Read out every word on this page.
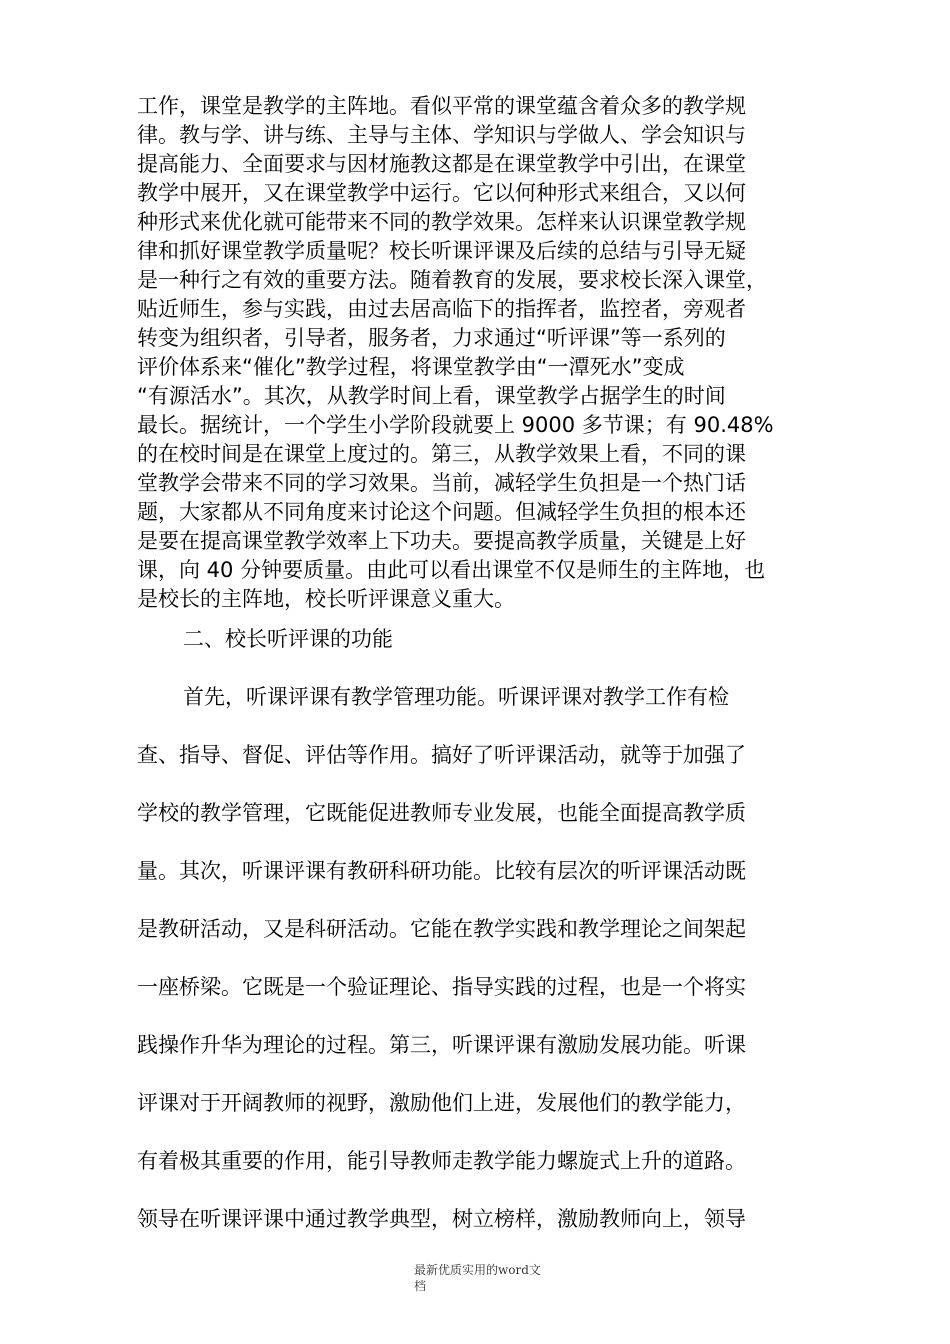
工作，课堂是教学的主阵地。看似平常的课堂蕴含着众多的教学规
律。教与学、讲与练、主导与主体、学知识与学做人、学会知识与
提高能力、全面要求与因材施教这都是在课堂教学中引出，在课堂
教学中展开，又在课堂教学中运行。它以何种形式来组合，又以何
种形式来优化就可能带来不同的教学效果。怎样来认识课堂教学规
律和抓好课堂教学质量呢？校长听课评课及后续的总结与引导无疑
是一种行之有效的重要方法。随着教育的发展，要求校长深入课堂，
贴近师生，参与实践，由过去居高临下的指挥者，监控者，旁观者
转变为组织者，引导者，服务者，力求通过“听评课”等一系列的
评价体系来“催化”教学过程，将课堂教学由“一潭死水”变成
“有源活水”。其次，从教学时间上看，课堂教学占据学生的时间
最长。据统计，一个学生小学阶段就要上 9000 多节课；有 90.48%
的在校时间是在课堂上度过的。第三，从教学效果上看，不同的课
堂教学会带来不同的学习效果。当前，减轻学生负担是一个热门话
题，大家都从不同角度来讨论这个问题。但减轻学生负担的根本还
是要在提高课堂教学效率上下功夫。要提高教学质量，关键是上好
课，向 40 分钟要质量。由此可以看出课堂不仅是师生的主阵地，也
是校长的主阵地，校长听评课意义重大。
二、校长听评课的功能
首先，听课评课有教学管理功能。听课评课对教学工作有检
查、指导、督促、评估等作用。搞好了听评课活动，就等于加强了
学校的教学管理，它既能促进教师专业发展，也能全面提高教学质
量。其次，听课评课有教研科研功能。比较有层次的听评课活动既
是教研活动，又是科研活动。它能在教学实践和教学理论之间架起
一座桥梁。它既是一个验证理论、指导实践的过程，也是一个将实
践操作升华为理论的过程。第三，听课评课有激励发展功能。听课
评课对于开阔教师的视野，激励他们上进，发展他们的教学能力，
有着极其重要的作用，能引导教师走教学能力螺旋式上升的道路。
领导在听课评课中通过教学典型，树立榜样，激励教师向上，领导
最新优质实用的word文
档
